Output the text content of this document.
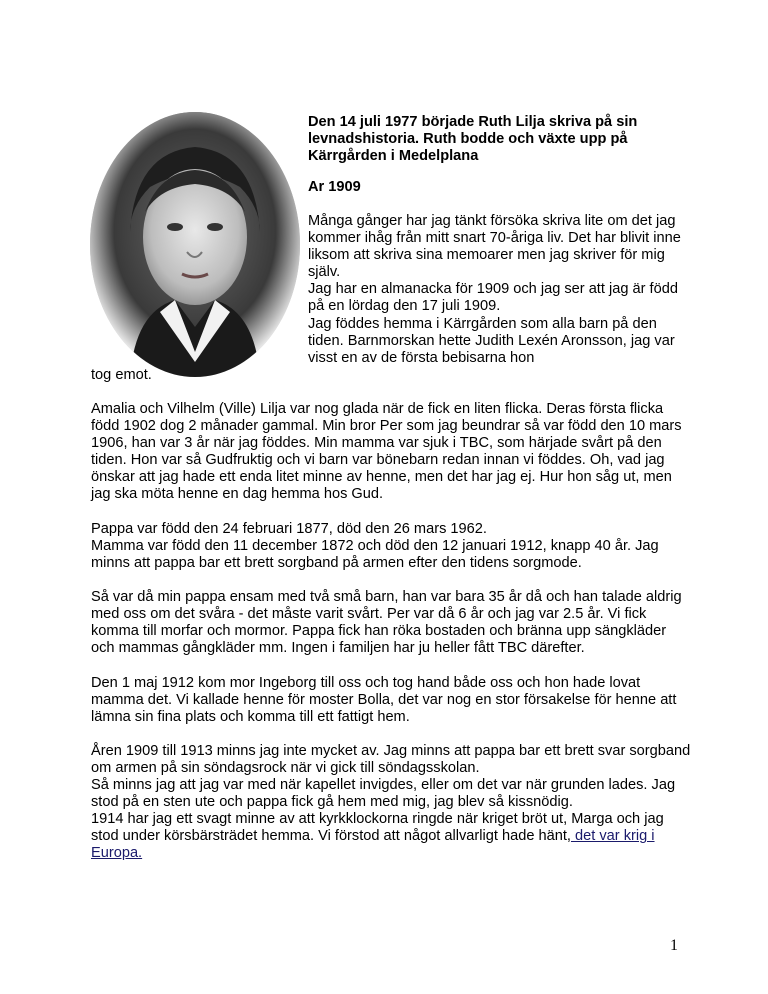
Den 14 juli 1977 började Ruth Lilja skriva på sin levnadshistoria. Ruth bodde och växte upp på Kärrgården i Medelplana
Ar 1909

Många gånger har jag tänkt försöka skriva lite om det jag kommer ihåg från mitt snart 70-åriga liv. Det har blivit inne liksom att skriva sina memoarer men jag skriver för mig själv.

Jag har en almanacka för 1909 och jag ser att jag är född på en lördag den 17 juli 1909.

Jag föddes hemma i Kärrgården som alla barn på den tiden. Barnmorskan hette Judith Lexén Aronsson, jag var visst en av de första bebisarna hon

tog emot.

Amalia och Vilhelm (Ville) Lilja var nog glada när de fick en liten flicka. Deras första flicka född 1902 dog 2 månader gammal. Min bror Per som jag beundrar så var född den 10 mars 1906, han var 3 år när jag föddes. Min mamma var sjuk i TBC, som härjade svårt på den tiden. Hon var så Gudfruktig och vi barn var bönebarn redan innan vi föddes. Oh, vad jag önskar att jag hade ett enda litet minne av henne, men det har jag ej. Hur hon såg ut, men jag ska möta henne en dag hemma hos Gud.

Pappa var född den 24 februari 1877, död den 26 mars 1962.

Mamma var född den 11 december 1872 och död den 12 januari 1912, knapp 40 år. Jag minns att pappa bar ett brett sorgband på armen efter den tidens sorgmode.

Så var då min pappa ensam med två små barn, han var bara 35 år då och han talade aldrig med oss om det svåra - det måste varit svårt. Per var då 6 år och jag var 2.5 år. Vi fick komma till morfar och mormor. Pappa fick han röka bostaden och bränna upp sängkläder och mammas gångkläder mm. Ingen i familjen har ju heller fått TBC därefter.

Den 1 maj 1912 kom mor Ingeborg till oss och tog hand både oss och hon hade lovat mamma det. Vi kallade henne för moster Bolla, det var nog en stor försakelse för henne att lämna sin fina plats och komma till ett fattigt hem.

Åren 1909 till 1913 minns jag inte mycket av. Jag minns att pappa bar ett brett svar sorgband om armen på sin söndagsrock när vi gick till söndagsskolan.

Så minns jag att jag var med när kapellet invigdes, eller om det var när grunden lades. Jag stod på en sten ute och pappa fick gå hem med mig, jag blev så kissnödig.

1914 har jag ett svagt minne av att kyrkklockorna ringde när kriget bröt ut, Marga och jag stod under körsbärsträdet hemma. Vi förstod att något allvarligt hade hänt, det var krig i Europa.

1
